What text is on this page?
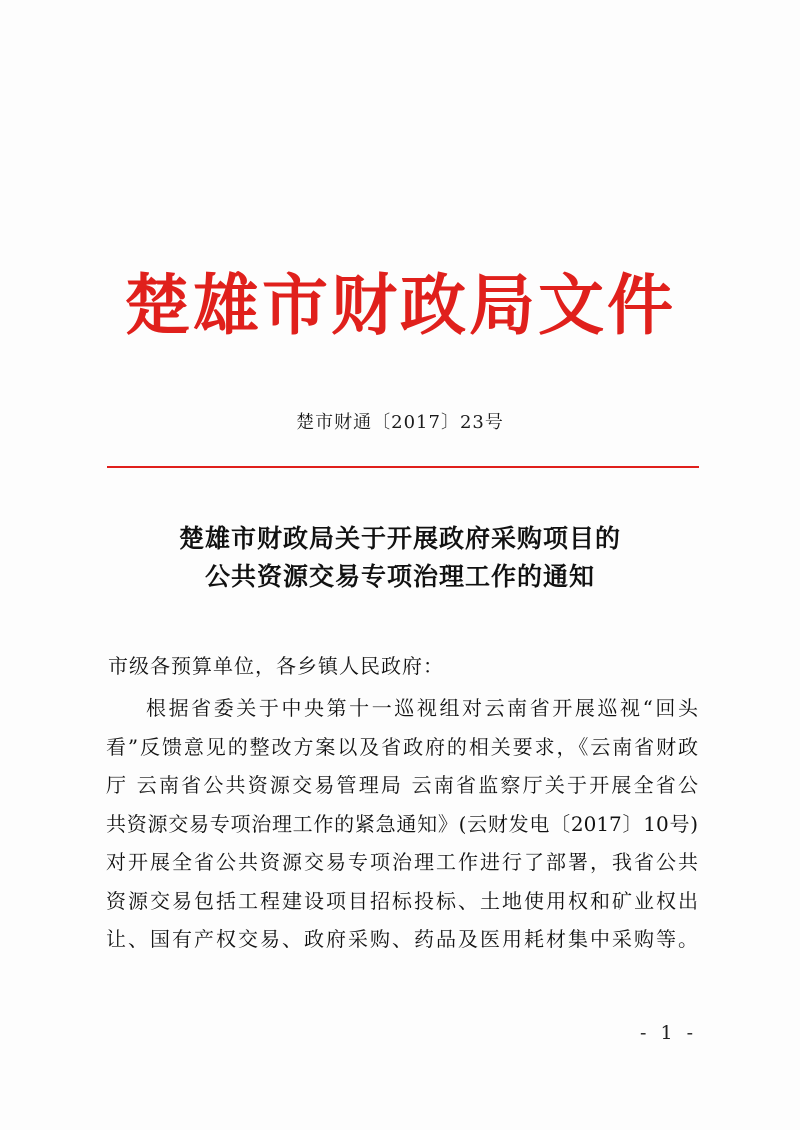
楚雄市财政局文件
楚市财通〔2017〕23号
楚雄市财政局关于开展政府采购项目的
公共资源交易专项治理工作的通知
市级各预算单位，各乡镇人民政府：
根据省委关于中央第十一巡视组对云南省开展巡视“回头
看”反馈意见的整改方案以及省政府的相关要求，《云南省财政
厅 云南省公共资源交易管理局 云南省监察厅关于开展全省公
共资源交易专项治理工作的紧急通知》(云财发电〔2017〕10号)
对开展全省公共资源交易专项治理工作进行了部署，我省公共
资源交易包括工程建设项目招标投标、土地使用权和矿业权出
让、国有产权交易、政府采购、药品及医用耗材集中采购等。
- 1 -
